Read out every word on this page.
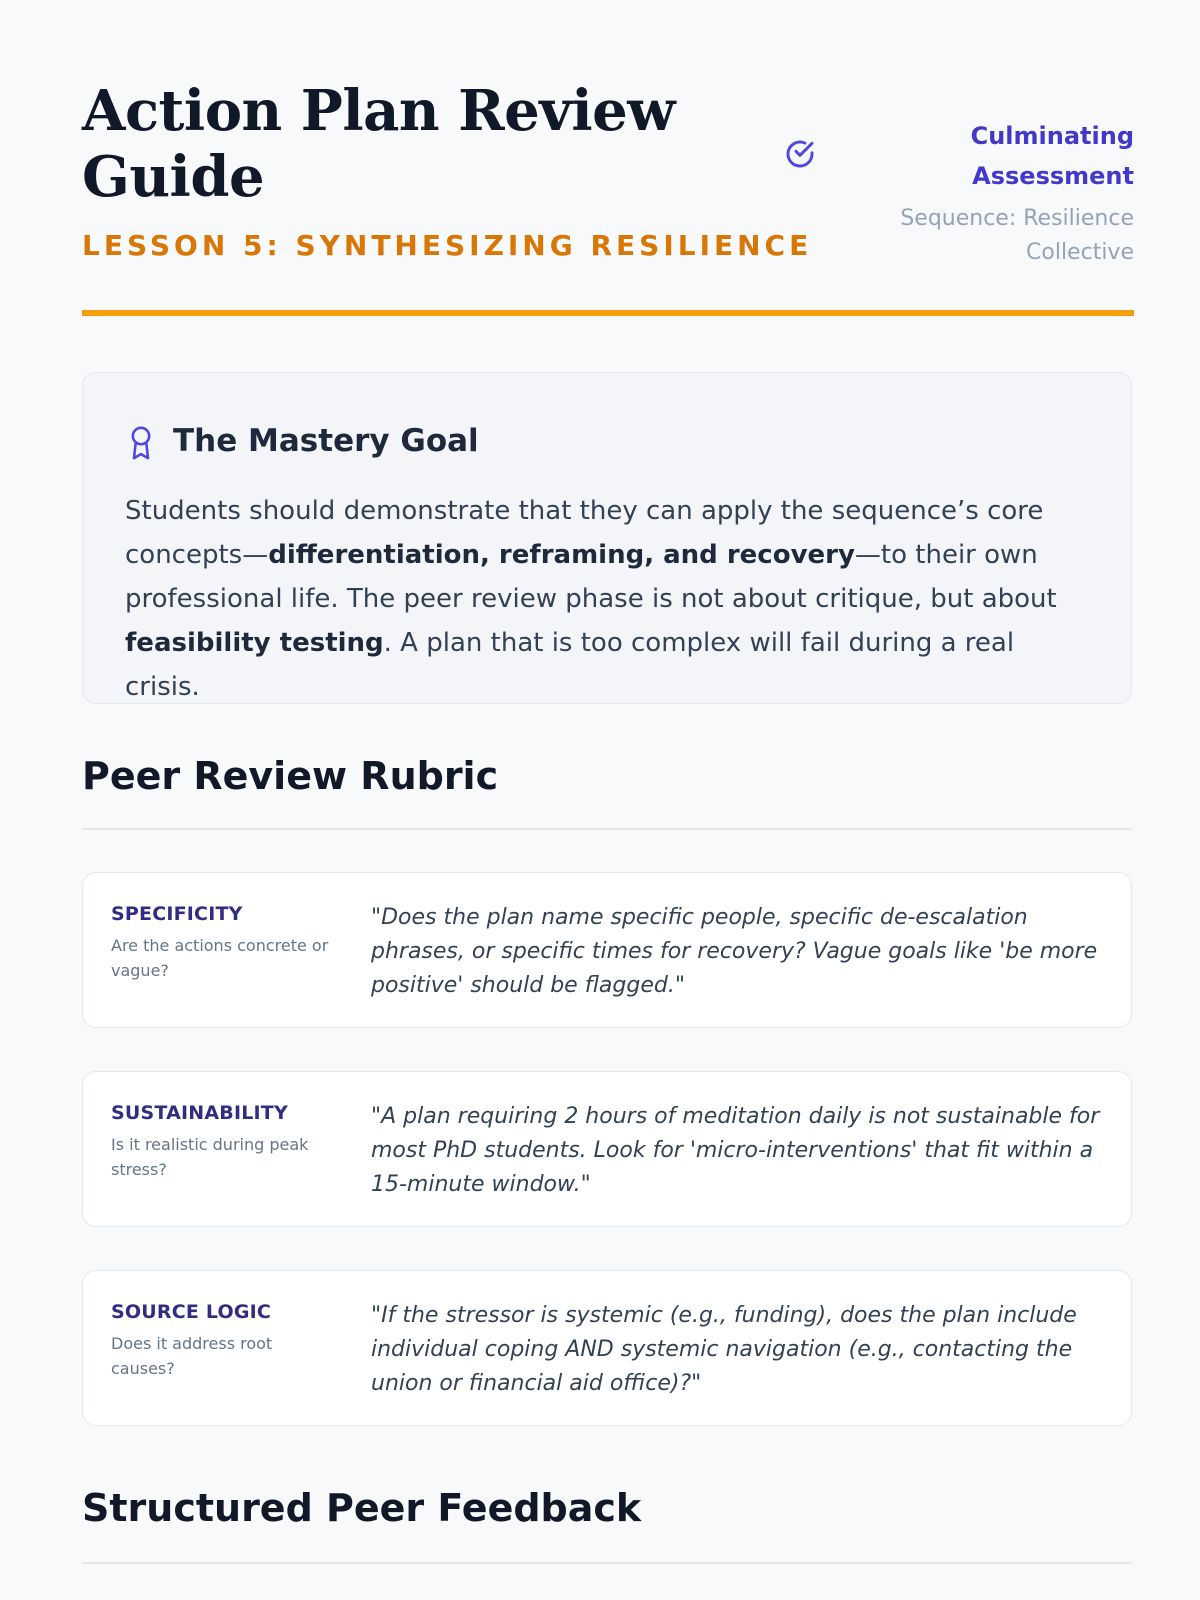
Action Plan Review Guide
LESSON 5: SYNTHESIZING RESILIENCE
Culminating Assessment
Sequence: Resilience Collective
The Mastery Goal

Students should demonstrate that they can apply the sequence’s core concepts—differentiation, reframing, and recovery—to their own professional life. The peer review phase is not about critique, but about feasibility testing. A plan that is too complex will fail during a real crisis.

Peer Review Rubric
SPECIFICITY
Are the actions concrete or vague?
"Does the plan name specific people, specific de-escalation phrases, or specific times for recovery? Vague goals like 'be more positive' should be flagged."
SUSTAINABILITY
Is it realistic during peak stress?
"A plan requiring 2 hours of meditation daily is not sustainable for most PhD students. Look for 'micro-interventions' that fit within a 15-minute window."
SOURCE LOGIC
Does it address root causes?
"If the stressor is systemic (e.g., funding), does the plan include individual coping AND systemic navigation (e.g., contacting the union or financial aid office)?"
Structured Peer Feedback
